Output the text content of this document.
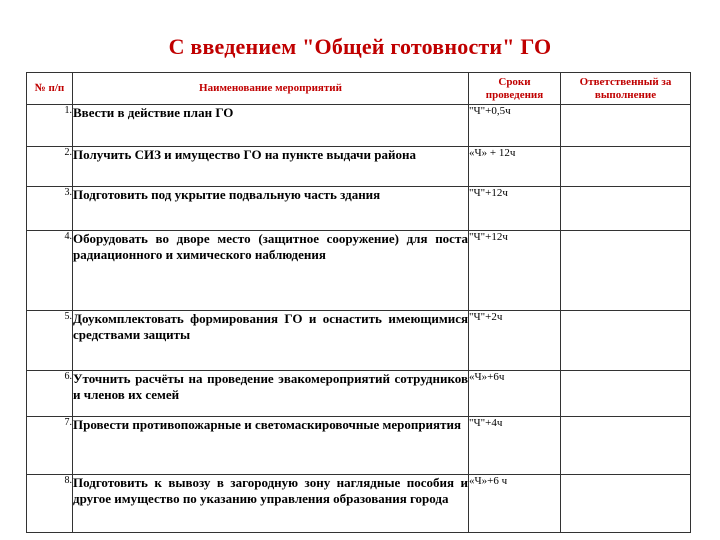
С введением "Общей готовности" ГО
№ п/п	Наименование мероприятий	Сроки проведения	Ответственный за выполнение
1.	Ввести в действие план ГО	"Ч"+0,5ч	
2.	Получить СИЗ и имущество ГО на пункте выдачи района	«Ч» + 12ч	
3.	Подготовить под укрытие подвальную часть здания	"Ч"+12ч	
4.	Оборудовать во дворе место (защитное сооружение) для поста радиационного и химического наблюдения	"Ч"+12ч	
5.	Доукомплектовать формирования ГО и оснастить имеющимися средствами защиты	"Ч"+2ч	
6.	Уточнить расчёты на проведение эвакомероприятий сотрудников и членов их семей	«Ч»+6ч	
7.	Провести противопожарные и светомаскировочные мероприятия	"Ч"+4ч	
8.	Подготовить к вывозу в загородную зону наглядные пособия и другое имущество по указанию управления образования города	«Ч»+6 ч	
